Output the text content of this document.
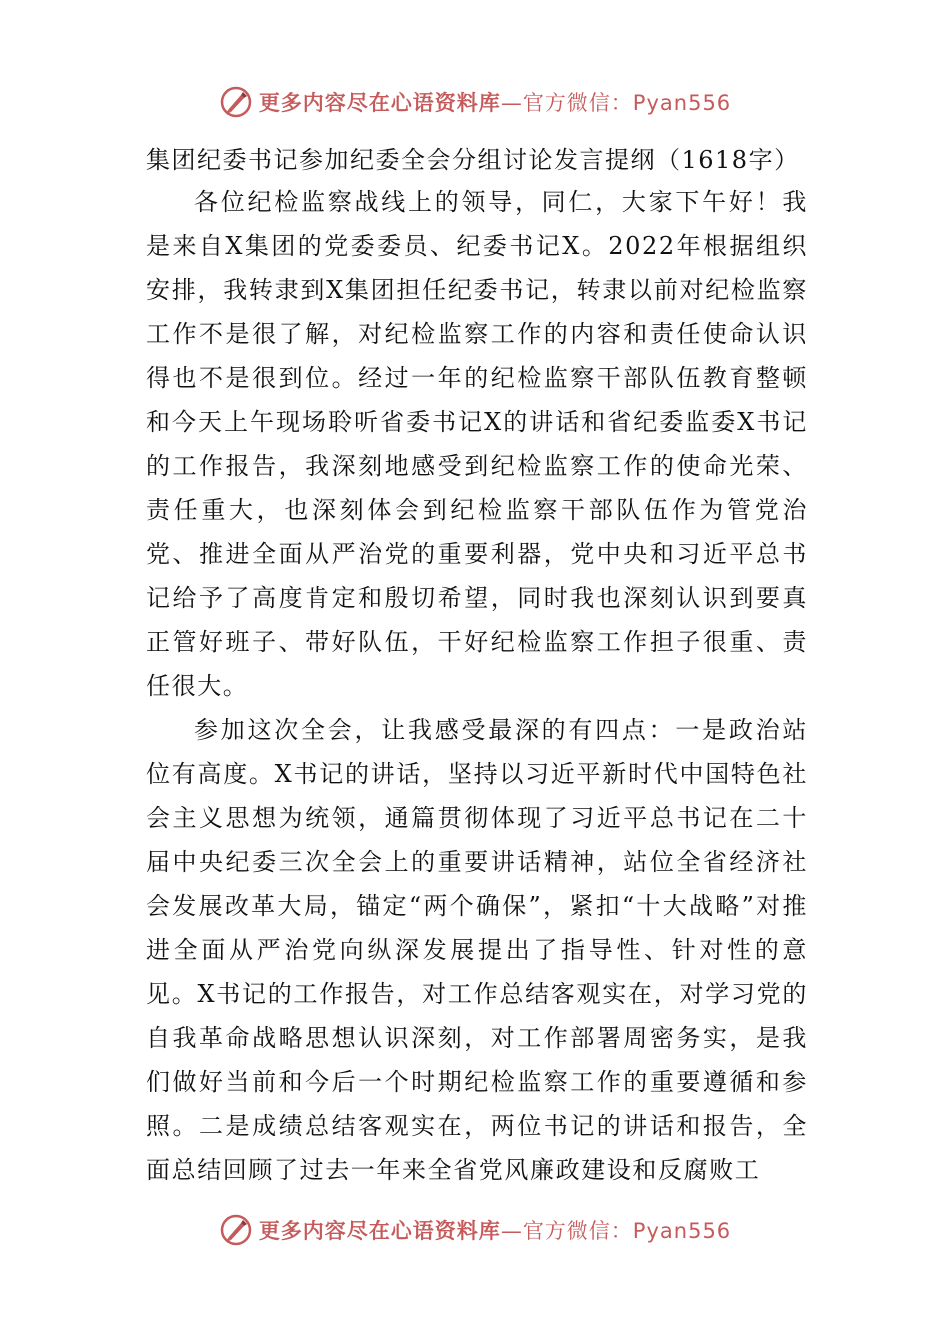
更多内容尽在心语资料库—官方微信：Pyan556
集团纪委书记参加纪委全会分组讨论发言提纲（1618字）

各位纪检监察战线上的领导，同仁，大家下午好！我是来自X集团的党委委员、纪委书记X。2022年根据组织安排，我转隶到X集团担任纪委书记，转隶以前对纪检监察工作不是很了解，对纪检监察工作的内容和责任使命认识得也不是很到位。经过一年的纪检监察干部队伍教育整顿和今天上午现场聆听省委书记X的讲话和省纪委监委X书记的工作报告，我深刻地感受到纪检监察工作的使命光荣、责任重大，也深刻体会到纪检监察干部队伍作为管党治党、推进全面从严治党的重要利器，党中央和习近平总书记给予了高度肯定和殷切希望，同时我也深刻认识到要真正管好班子、带好队伍，干好纪检监察工作担子很重、责任很大。

参加这次全会，让我感受最深的有四点：一是政治站位有高度。X书记的讲话，坚持以习近平新时代中国特色社会主义思想为统领，通篇贯彻体现了习近平总书记在二十届中央纪委三次全会上的重要讲话精神，站位全省经济社会发展改革大局，锚定“两个确保”，紧扣“十大战略”对推进全面从严治党向纵深发展提出了指导性、针对性的意见。X书记的工作报告，对工作总结客观实在，对学习党的自我革命战略思想认识深刻，对工作部署周密务实，是我们做好当前和今后一个时期纪检监察工作的重要遵循和参照。二是成绩总结客观实在，两位书记的讲话和报告，全面总结回顾了过去一年来全省党风廉政建设和反腐败工

更多内容尽在心语资料库—官方微信：Pyan556
